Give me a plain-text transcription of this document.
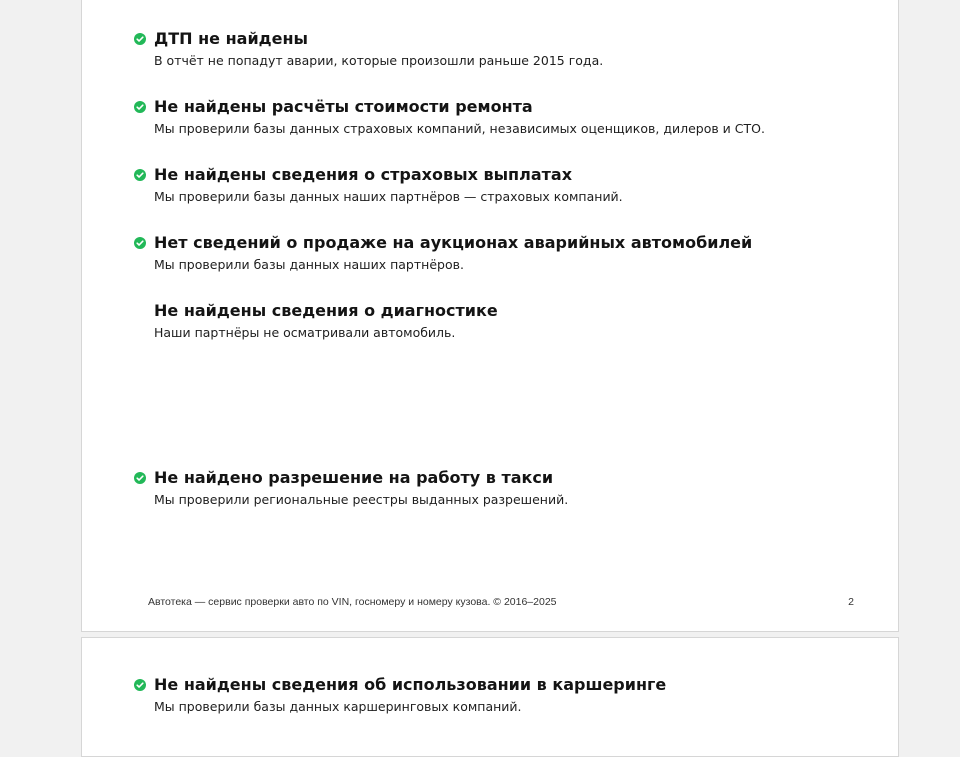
ДТП не найдены
В отчёт не попадут аварии, которые произошли раньше 2015 года.
Не найдены расчёты стоимости ремонта
Мы проверили базы данных страховых компаний, независимых оценщиков, дилеров и СТО.
Не найдены сведения о страховых выплатах
Мы проверили базы данных наших партнёров — страховых компаний.
Нет сведений о продаже на аукционах аварийных автомобилей
Мы проверили базы данных наших партнёров.
Не найдены сведения о диагностике
Наши партнёры не осматривали автомобиль.
Не найдено разрешение на работу в такси
Мы проверили региональные реестры выданных разрешений.
Автотека — сервис проверки авто по VIN, госномеру и номеру кузова. © 2016–2025	2
Не найдены сведения об использовании в каршеринге
Мы проверили базы данных каршеринговых компаний.
